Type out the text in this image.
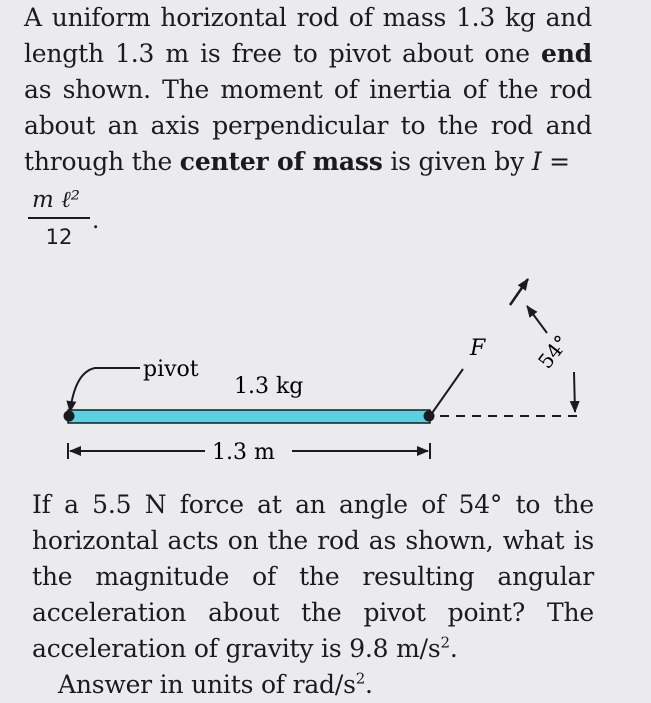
A uniform horizontal rod of mass 1.3 kg and length 1.3 m is free to pivot about one end as shown. The moment of inertia of the rod about an axis perpendicular to the rod and through the center of mass is given by I =
m ℓ²
12
.
pivot
1.3 kg
1.3 m
F 54°
If a 5.5 N force at an angle of 54° to the horizontal acts on the rod as shown, what is the magnitude of the resulting angular acceleration about the pivot point? The acceleration of gravity is 9.8 $m/s^2$.
Answer in units of rad/$s^2$.
